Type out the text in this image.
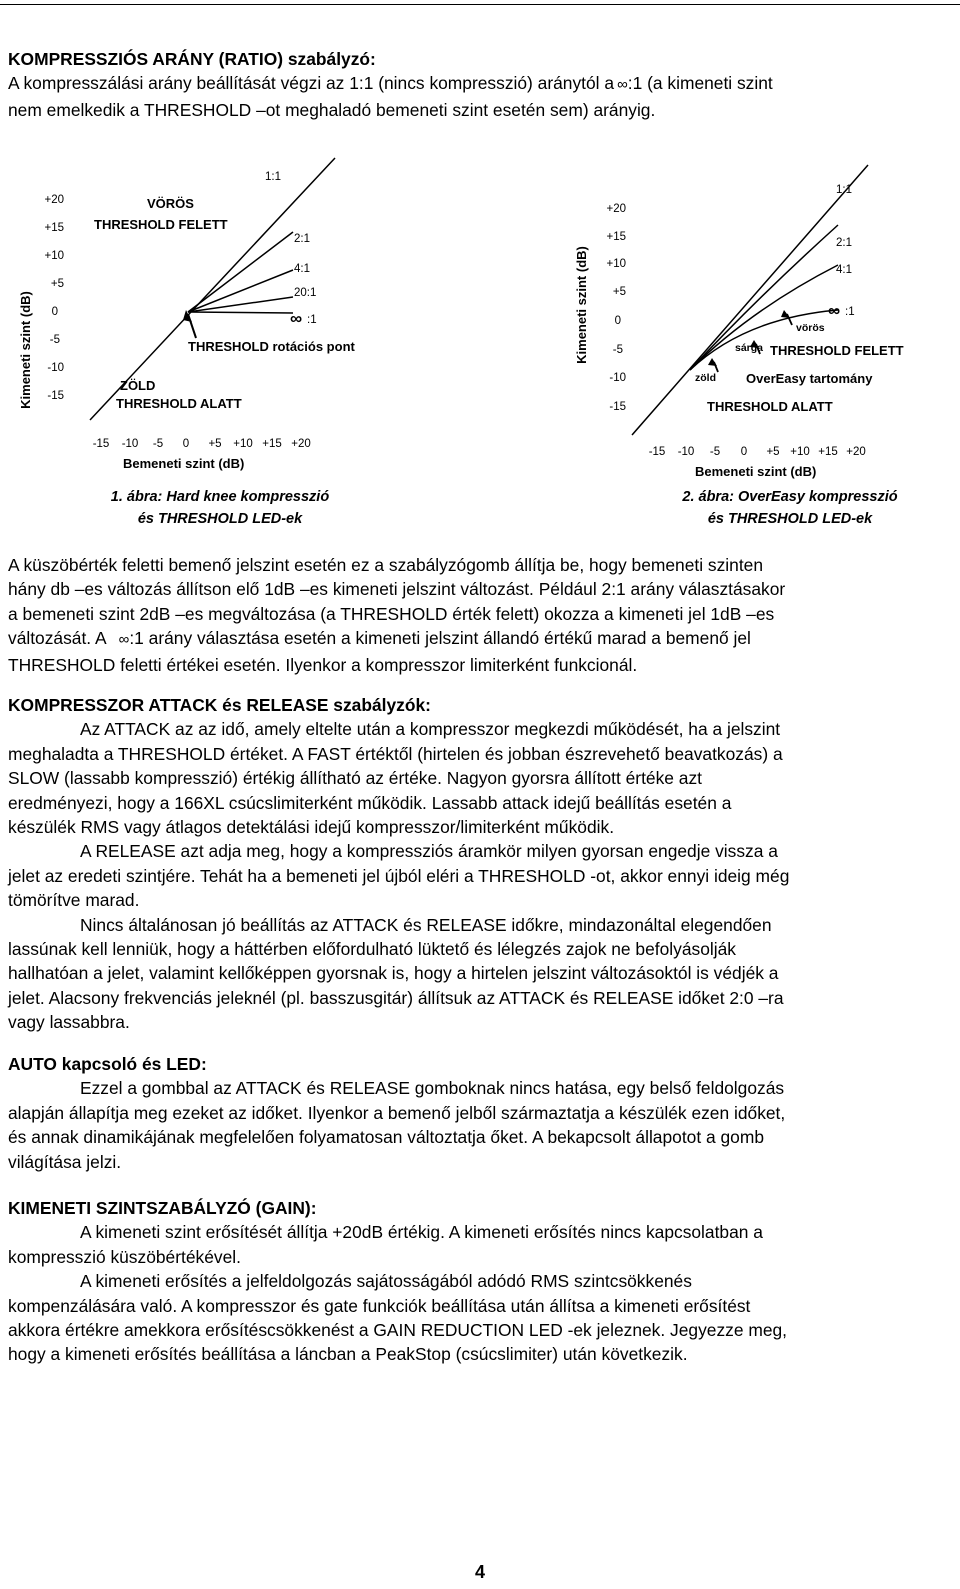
KOMPRESSZIÓS ARÁNY (RATIO) szabályzó:
A kompresszálási arány beállítását végzi az 1:1 (nincs kompresszió) aránytól a ∞:1 (a kimeneti szint
nem emelkedik a THRESHOLD –ot meghaladó bemeneti szint esetén sem) arányig.
Kimeneti szint (dB)
+20
+15
+10
+5
0
-5
-10
-15
1:1
2:1
4:1
20:1
∞ :1
VÖRÖS
THRESHOLD FELETT
THRESHOLD rotációs pont
ZÖLD
THRESHOLD ALATT
-15 -10 -5 0 +5 +10 +15 +20
Bemeneti szint (dB)
1. ábra: Hard knee kompresszió
és THRESHOLD LED-ek
Kimeneti szint (dB)
+20
+15
+10
+5
0
-5
-10
-15
1:1
2:1
4:1
∞ :1
vörös
sárga
zöld
THRESHOLD FELETT
OverEasy tartomány
THRESHOLD ALATT
-15 -10 -5 0 +5 +10 +15 +20
Bemeneti szint (dB)
2. ábra: OverEasy kompresszió
és THRESHOLD LED-ek
A küszöbérték feletti bemenő jelszint esetén ez a szabályzógomb állítja be, hogy bemeneti szinten
hány db –es változás állítson elő 1dB –es kimeneti jelszint változást. Például 2:1 arány választásakor
a bemeneti szint 2dB –es megváltozása (a THRESHOLD érték felett) okozza a kimeneti jel 1dB –es
változását. A ∞:1 arány választása esetén a kimeneti jelszint állandó értékű marad a bemenő jel
THRESHOLD feletti értékei esetén. Ilyenkor a kompresszor limiterként funkcionál.
KOMPRESSZOR ATTACK és RELEASE szabályzók:
Az ATTACK az az idő, amely eltelte után a kompresszor megkezdi működését, ha a jelszint
meghaladta a THRESHOLD értéket. A FAST értéktől (hirtelen és jobban észrevehető beavatkozás) a
SLOW (lassabb kompresszió) értékig állítható az értéke. Nagyon gyorsra állított értéke azt
eredményezi, hogy a 166XL csúcslimiterként működik. Lassabb attack idejű beállítás esetén a
készülék RMS vagy átlagos detektálási idejű kompresszor/limiterként működik.
A RELEASE azt adja meg, hogy a kompressziós áramkör milyen gyorsan engedje vissza a
jelet az eredeti szintjére. Tehát ha a bemeneti jel újból eléri a THRESHOLD -ot, akkor ennyi ideig még
tömörítve marad.
Nincs általánosan jó beállítás az ATTACK és RELEASE időkre, mindazonáltal elegendően
lassúnak kell lenniük, hogy a háttérben előfordulható lüktető és lélegzés zajok ne befolyásolják
hallhatóan a jelet, valamint kellőképpen gyorsnak is, hogy a hirtelen jelszint változásoktól is védjék a
jelet. Alacsony frekvenciás jeleknél (pl. basszusgitár) állítsuk az ATTACK és RELEASE időket 2:0 –ra
vagy lassabbra.
AUTO kapcsoló és LED:
Ezzel a gombbal az ATTACK és RELEASE gomboknak nincs hatása, egy belső feldolgozás
alapján állapítja meg ezeket az időket. Ilyenkor a bemenő jelből származtatja a készülék ezen időket,
és annak dinamikájának megfelelően folyamatosan változtatja őket. A bekapcsolt állapotot a gomb
világítása jelzi.
KIMENETI SZINTSZABÁLYZÓ (GAIN):
A kimeneti szint erősítését állítja +20dB értékig. A kimeneti erősítés nincs kapcsolatban a
kompresszió küszöbértékével.
A kimeneti erősítés a jelfeldolgozás sajátosságából adódó RMS szintcsökkenés
kompenzálására való. A kompresszor és gate funkciók beállítása után állítsa a kimeneti erősítést
akkora értékre amekkora erősítéscsökkenést a GAIN REDUCTION LED -ek jeleznek. Jegyezze meg,
hogy a kimeneti erősítés beállítása a láncban a PeakStop (csúcslimiter) után következik.
4
